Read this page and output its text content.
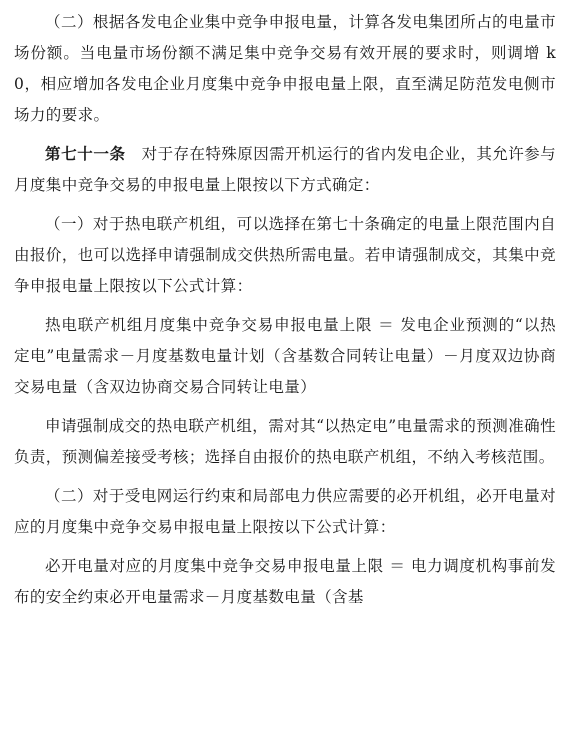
（二）根据各发电企业集中竞争申报电量，计算各发电集团所占的电量市场份额。当电量市场份额不满足集中竞争交易有效开展的要求时，则调增 k0，相应增加各发电企业月度集中竞争申报电量上限，直至满足防范发电侧市场力的要求。

第七十一条　对于存在特殊原因需开机运行的省内发电企业，其允许参与月度集中竞争交易的申报电量上限按以下方式确定：

（一）对于热电联产机组，可以选择在第七十条确定的电量上限范围内自由报价，也可以选择申请强制成交供热所需电量。若申请强制成交，其集中竞争申报电量上限按以下公式计算：

热电联产机组月度集中竞争交易申报电量上限 ＝ 发电企业预测的“以热定电”电量需求－月度基数电量计划（含基数合同转让电量）－月度双边协商交易电量（含双边协商交易合同转让电量）

申请强制成交的热电联产机组，需对其“以热定电”电量需求的预测准确性负责，预测偏差接受考核；选择自由报价的热电联产机组，不纳入考核范围。

（二）对于受电网运行约束和局部电力供应需要的必开机组，必开电量对应的月度集中竞争交易申报电量上限按以下公式计算：

必开电量对应的月度集中竞争交易申报电量上限 ＝ 电力调度机构事前发布的安全约束必开电量需求－月度基数电量（含基
